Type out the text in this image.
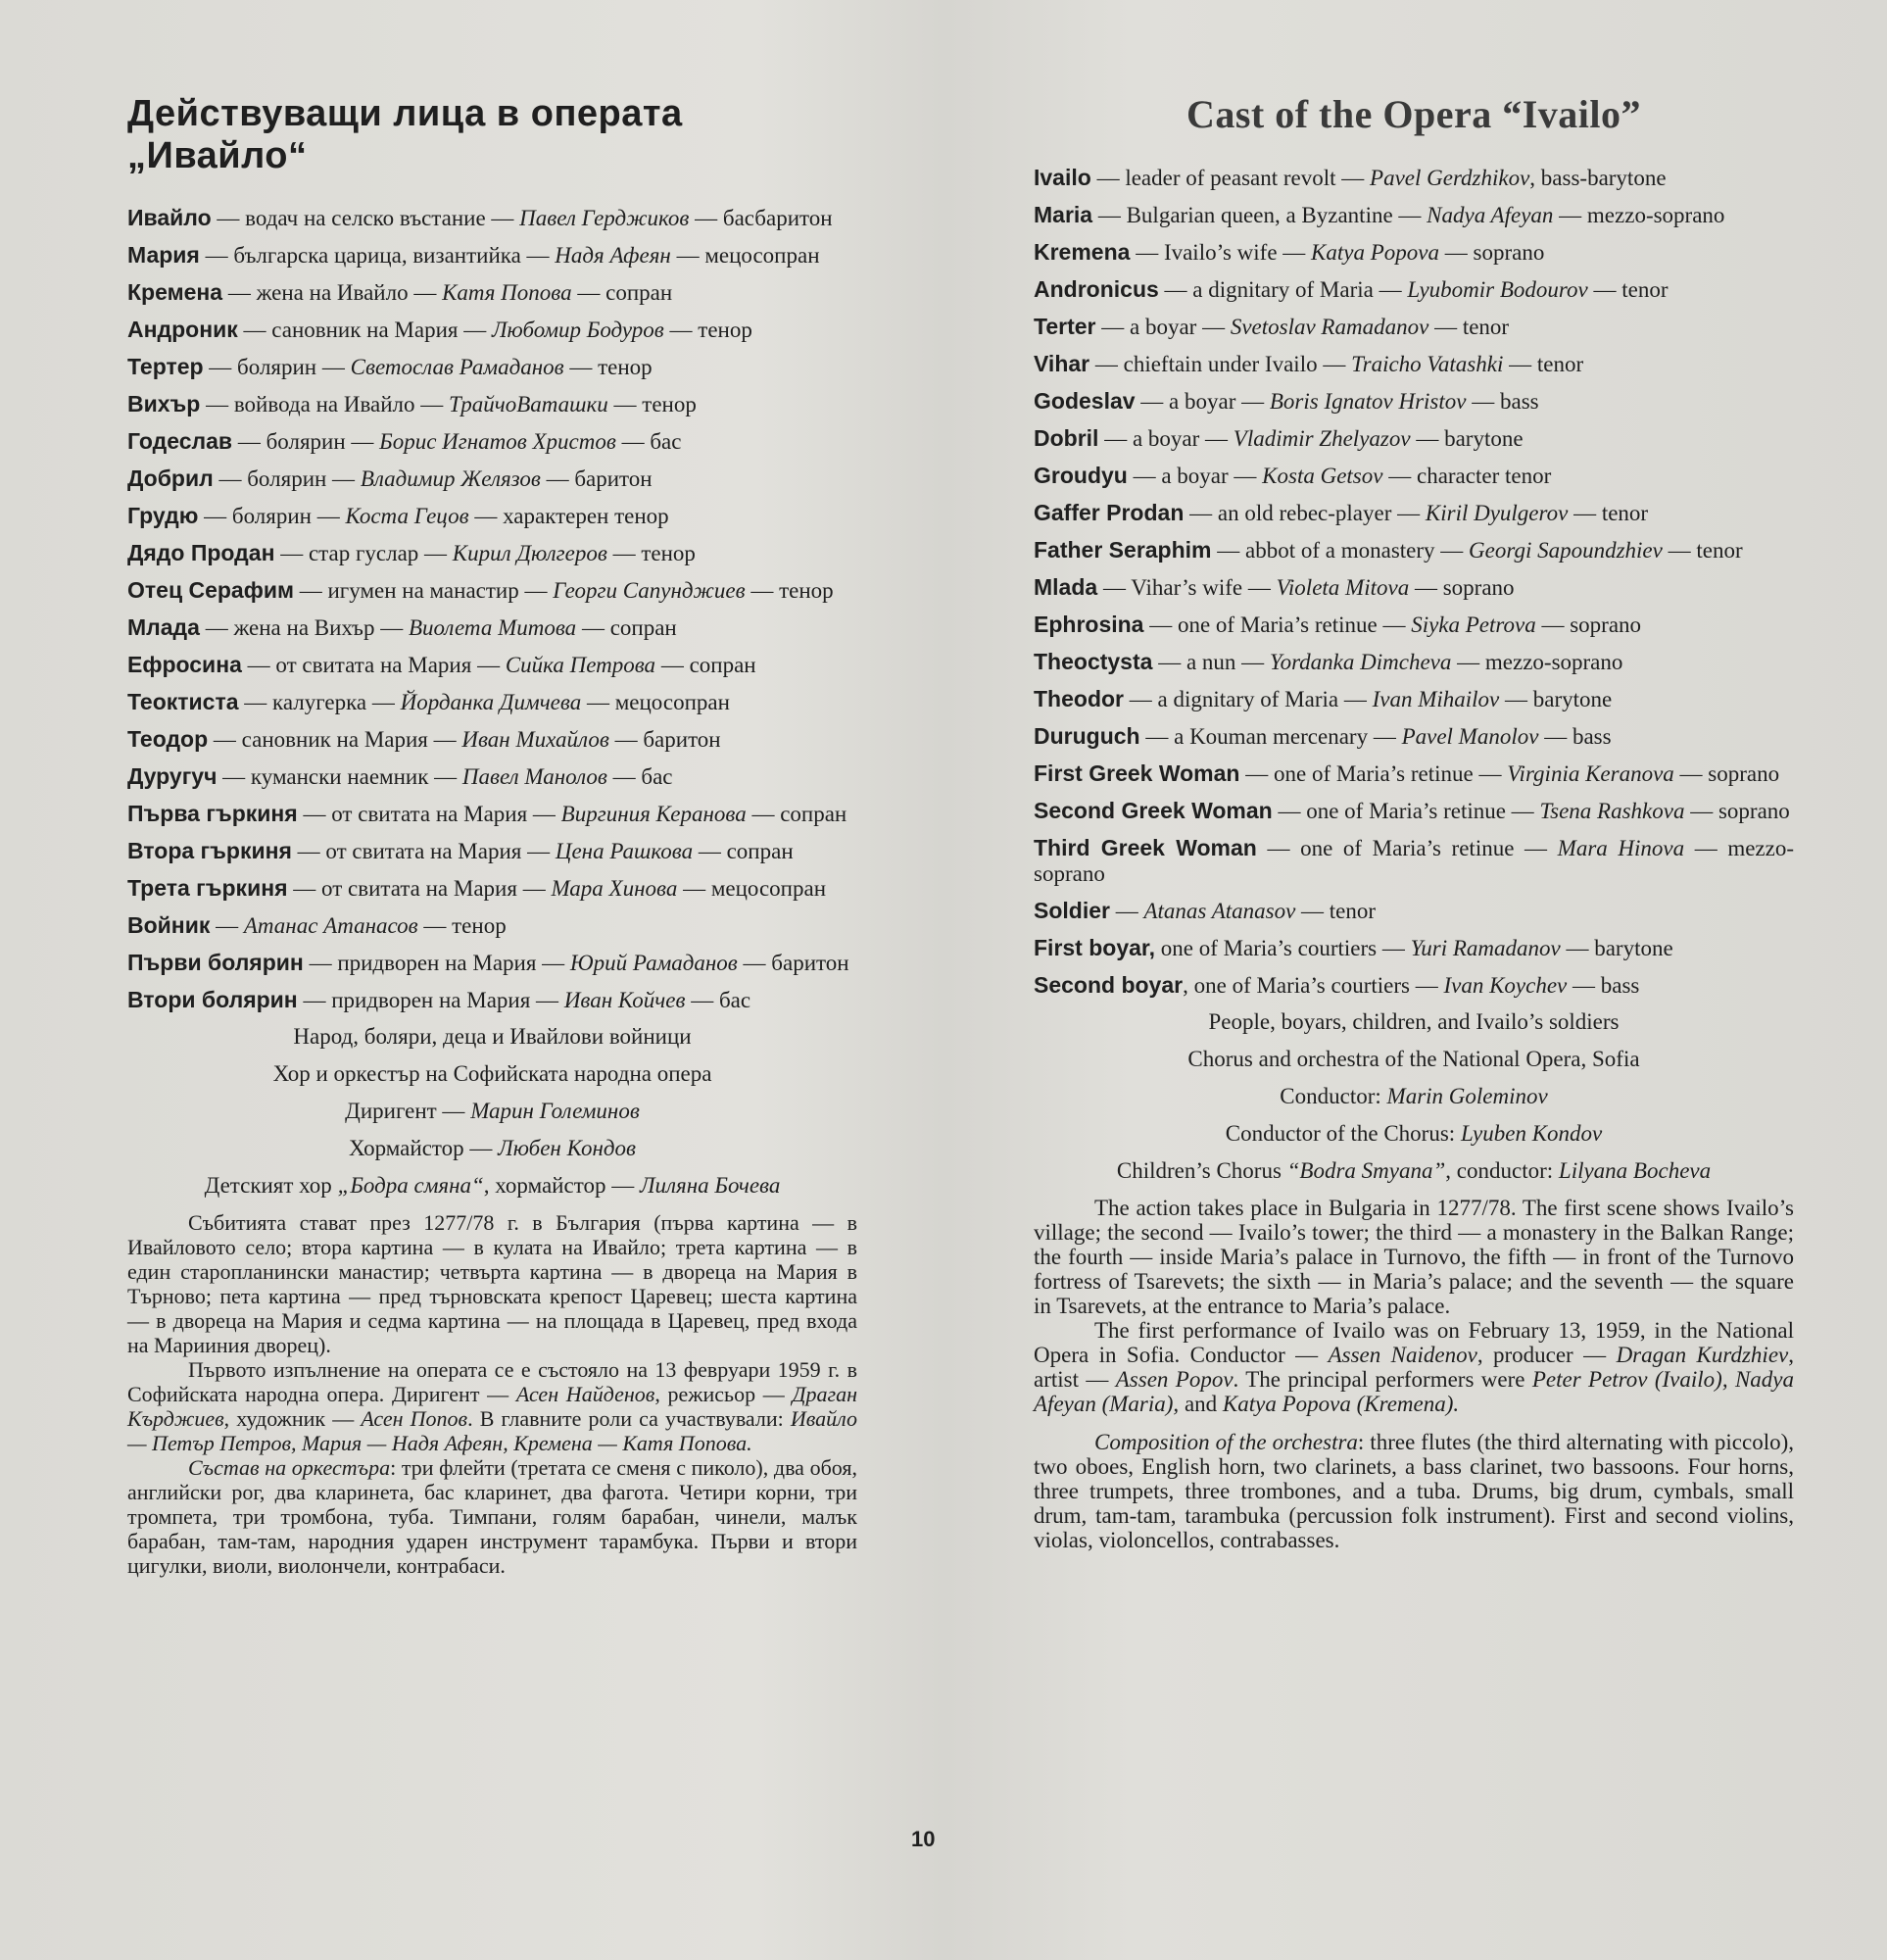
Действуващи лица в операта „Ивайло“
Ивайло — водач на селско въстание — Павел Герджиков — басбаритон
Мария — българска царица, византийка — Надя Афеян — мецосопран
Кремена — жена на Ивайло — Катя Попова — сопран
Андроник — сановник на Мария — Любомир Бодуров — тенор
Тертер — болярин — Светослав Рамаданов — тенор
Вихър — войвода на Ивайло — ТрайчоВаташки — тенор
Годеслав — болярин — Борис Игнатов Христов — бас
Добрил — болярин — Владимир Желязов — баритон
Грудю — болярин — Коста Гецов — характерен тенор
Дядо Продан — стар гуслар — Кирил Дюлгеров — тенор
Отец Серафим — игумен на манастир — Георги Сапунджиев — тенор
Млада — жена на Вихър — Виолета Митова — сопран
Ефросина — от свитата на Мария — Сийка Петрова — сопран
Теоктиста — калугерка — Йорданка Димчева — мецосопран
Теодор — сановник на Мария — Иван Михайлов — баритон
Дуругуч — кумански наемник — Павел Манолов — бас
Първа гъркиня — от свитата на Мария — Виргиния Керанова — сопран
Втора гъркиня — от свитата на Мария — Цена Рашкова — сопран
Трета гъркиня — от свитата на Мария — Мара Хинова — мецосопран
Войник — Атанас Атанасов — тенор
Първи болярин — придворен на Мария — Юрий Рамаданов — баритон
Втори болярин — придворен на Мария — Иван Койчев — бас
Народ, боляри, деца и Ивайлови войници
Хор и оркестър на Софийската народна опера
Диригент — Марин Големинов
Хормайстор — Любен Кондов
Детският хор „Бодра смяна“, хормайстор — Лиляна Бочева

Събитията стават през 1277/78 г. в България (първа картина — в Ивайловото село; втора картина — в кулата на Ивайло; трета картина — в един старопланински манастир; четвърта картина — в двореца на Мария в Търново; пета картина — пред търновската крепост Царевец; шеста картина — в двореца на Мария и седма картина — на площада в Царевец, пред входа на Марииния дворец).

Първото изпълнение на операта се е състояло на 13 февруари 1959 г. в Софийската народна опера. Диригент — Асен Найденов, режисьор — Драган Кърджиев, художник — Асен Попов. В главните роли са участвували: Ивайло — Петър Петров, Мария — Надя Афеян, Кремена — Катя Попова.

Състав на оркестъра: три флейти (третата се сменя с пиколо), два обоя, английски рог, два кларинета, бас кларинет, два фагота. Четири корни, три тромпета, три тромбона, туба. Тимпани, голям барабан, чинели, малък барабан, там-там, народния ударен инструмент тарамбука. Първи и втори цигулки, виоли, виолончели, контрабаси.

Cast of the Opera “Ivailo”
Ivailo — leader of peasant revolt — Pavel Gerdzhikov, bass-barytone
Maria — Bulgarian queen, a Byzantine — Nadya Afeyan — mezzo-soprano
Kremena — Ivailo’s wife — Katya Popova — soprano
Andronicus — a dignitary of Maria — Lyubomir Bodourov — tenor
Terter — a boyar — Svetoslav Ramadanov — tenor
Vihar — chieftain under Ivailo — Traicho Vatashki — tenor
Godeslav — a boyar — Boris Ignatov Hristov — bass
Dobril — a boyar — Vladimir Zhelyazov — barytone
Groudyu — a boyar — Kosta Getsov — character tenor
Gaffer Prodan — an old rebec-player — Kiril Dyulgerov — tenor
Father Seraphim — abbot of a monastery — Georgi Sapoundzhiev — tenor
Mlada — Vihar’s wife — Violeta Mitova — soprano
Ephrosina — one of Maria’s retinue — Siyka Petrova — soprano
Theoctysta — a nun — Yordanka Dimcheva — mezzo-soprano
Theodor — a dignitary of Maria — Ivan Mihailov — barytone
Duruguch — a Kouman mercenary — Pavel Manolov — bass
First Greek Woman — one of Maria’s retinue — Virginia Keranova — soprano
Second Greek Woman — one of Maria’s retinue — Tsena Rashkova — soprano
Third Greek Woman — one of Maria’s retinue — Mara Hinova — mezzo-soprano
Soldier — Atanas Atanasov — tenor
First boyar, one of Maria’s courtiers — Yuri Ramadanov — barytone
Second boyar, one of Maria’s courtiers — Ivan Koychev — bass
People, boyars, children, and Ivailo’s soldiers
Chorus and orchestra of the National Opera, Sofia
Conductor: Marin Goleminov
Conductor of the Chorus: Lyuben Kondov
Children’s Chorus “Bodra Smyana”, conductor: Lilyana Bocheva

The action takes place in Bulgaria in 1277/78. The first scene shows Ivailo’s village; the second — Ivailo’s tower; the third — a monastery in the Balkan Range; the fourth — inside Maria’s palace in Turnovo, the fifth — in front of the Turnovo fortress of Tsarevets; the sixth — in Maria’s palace; and the seventh — the square in Tsarevets, at the entrance to Maria’s palace.

The first performance of Ivailo was on February 13, 1959, in the National Opera in Sofia. Conductor — Assen Naidenov, producer — Dragan Kurdzhiev, artist — Assen Popov. The principal performers were Peter Petrov (Ivailo), Nadya Afeyan (Maria), and Katya Popova (Kremena).

Composition of the orchestra: three flutes (the third alternating with piccolo), two oboes, English horn, two clarinets, a bass clarinet, two bassoons. Four horns, three trumpets, three trombones, and a tuba. Drums, big drum, cymbals, small drum, tam-tam, tarambuka (percussion folk instrument). First and second violins, violas, violoncellos, contrabasses.

10
